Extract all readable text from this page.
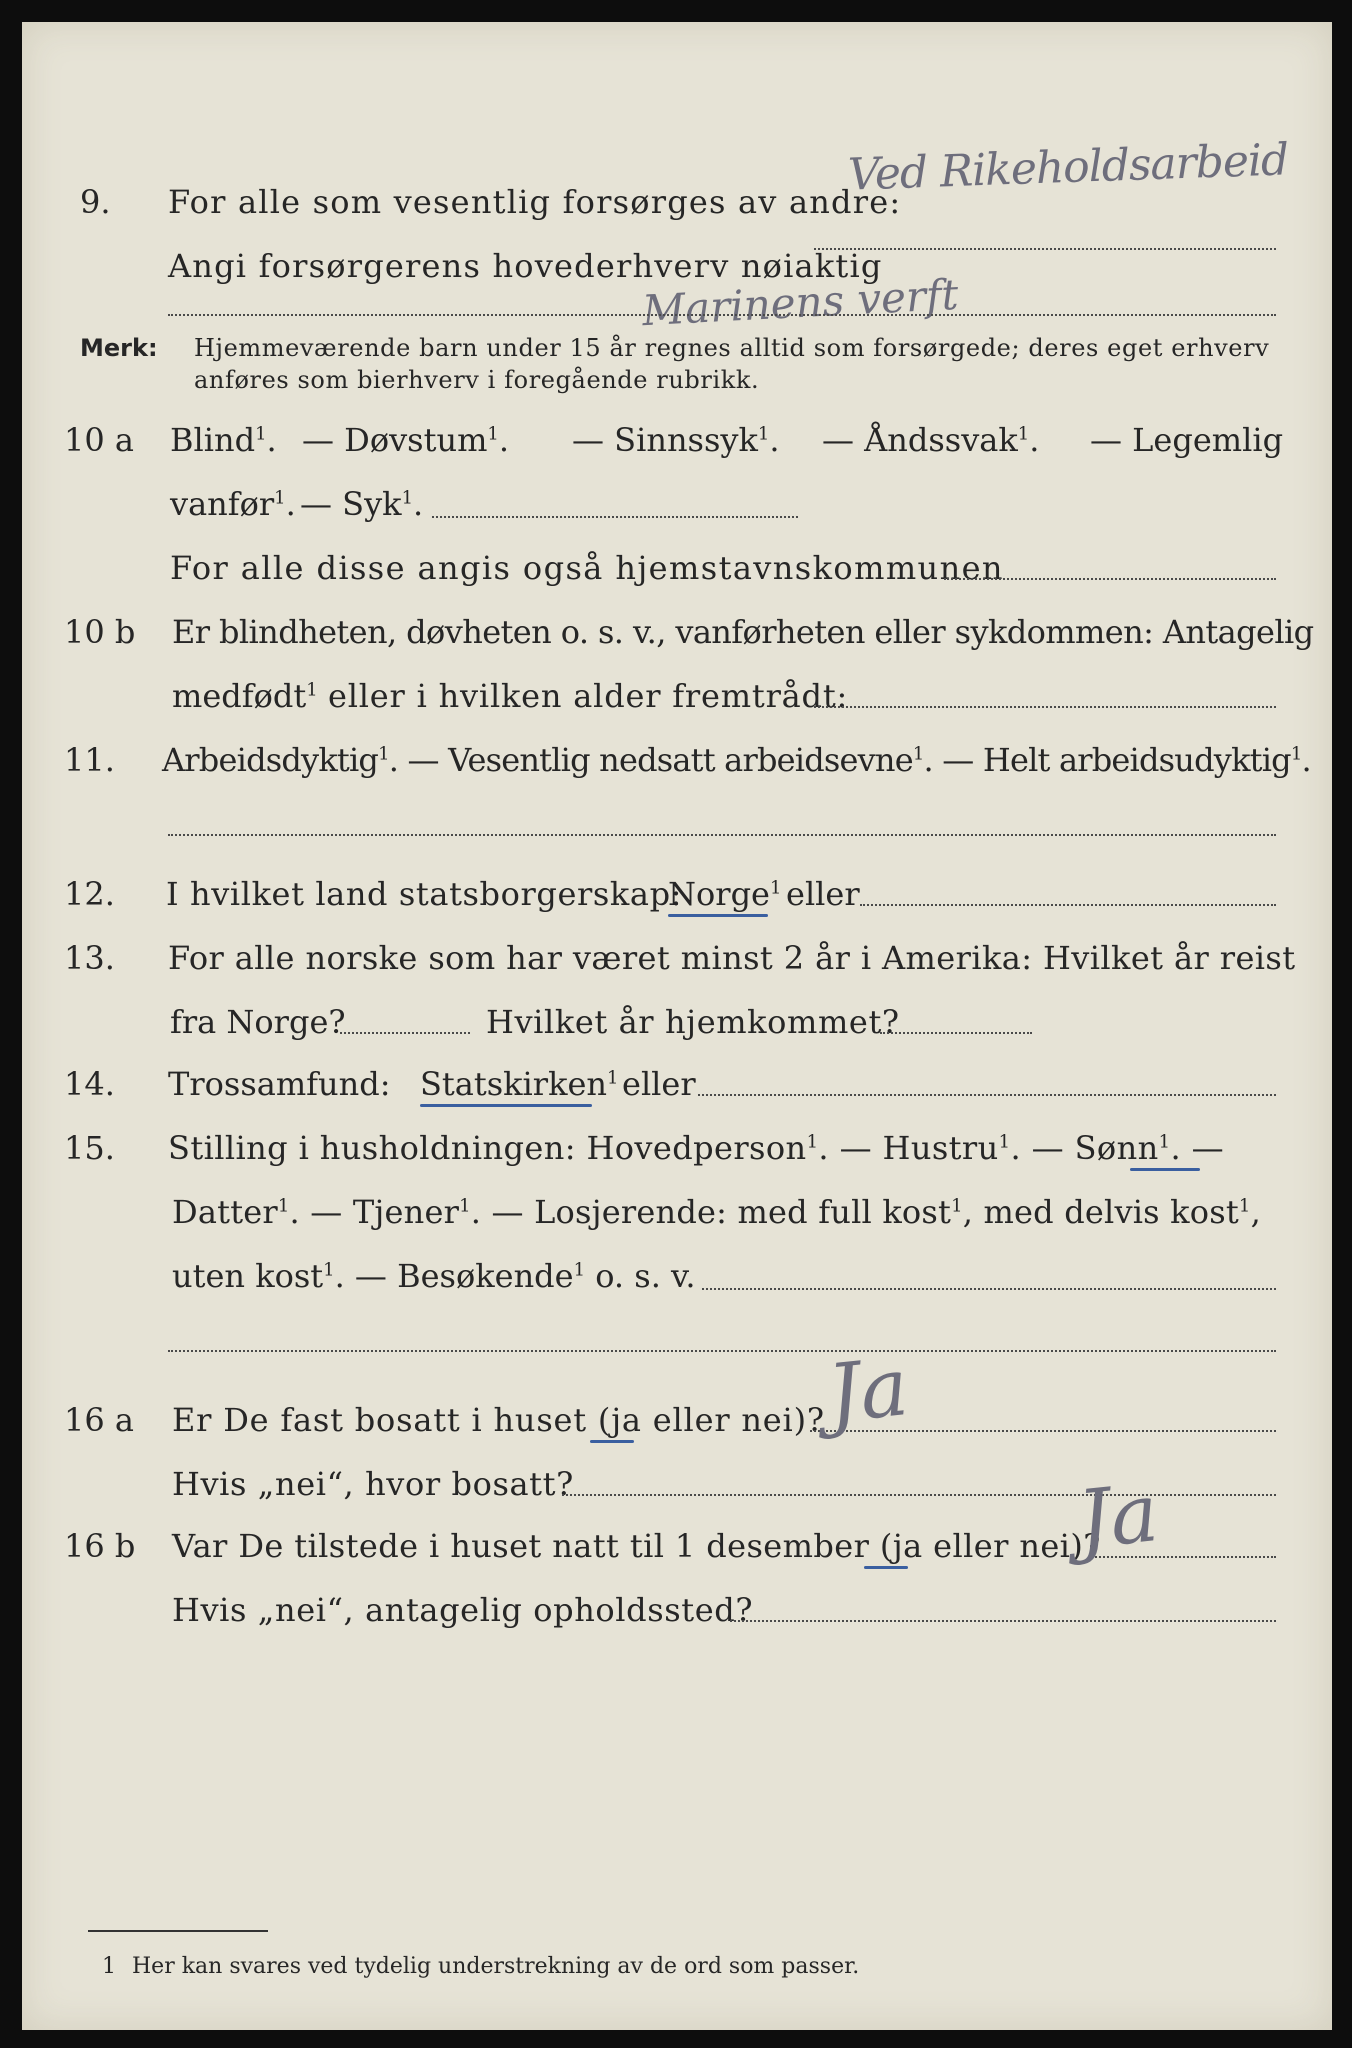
9. For alle som vesentlig forsørges av andre:
Ved Rikeholdsarbeid
Angi forsørgerens hovederhverv nøiaktig
Marinens verft
Merk: Hjemmeværende barn under 15 år regnes alltid som forsørgede; deres eget erhverv
anføres som bierhverv i foregående rubrikk.
10 a Blind$^1$. — Døvstum$^1$. — Sinnssyk$^1$. — Åndssvak$^1$. — Legemlig
vanfør$^1$. — Syk$^1$.
For alle disse angis også hjemstavnskommunen
10 b Er blindheten, døvheten o. s. v., vanførheten eller sykdommen: Antagelig
medfødt$^1$ eller i hvilken alder fremtrådt:
11. Arbeidsdyktig$^1$. — Vesentlig nedsatt arbeidsevne$^1$. — Helt arbeidsudyktig$^1$.
12. I hvilket land statsborgerskap:
Norge$^1$ eller
13. For alle norske som har været minst 2 år i Amerika: Hvilket år reist
fra Norge?	Hvilket år hjemkommet?
14. Trossamfund: Statskirken$^1$ eller
15. Stilling i husholdningen: Hovedperson$^1$. — Hustru$^1$. — Sønn$^1$. —
Datter$^1$. — Tjener$^1$. — Losjerende: med full kost$^1$, med delvis kost$^1$,
uten kost$^1$. — Besøkende$^1$ o. s. v.
16 a Er De fast bosatt i huset (ja eller nei)?
Ja
Hvis „nei“, hvor bosatt?
16 b Var De tilstede i huset natt til 1 desember (ja eller nei)?
Ja
Hvis „nei“, antagelig opholdssted?
1 Her kan svares ved tydelig understrekning av de ord som passer.
